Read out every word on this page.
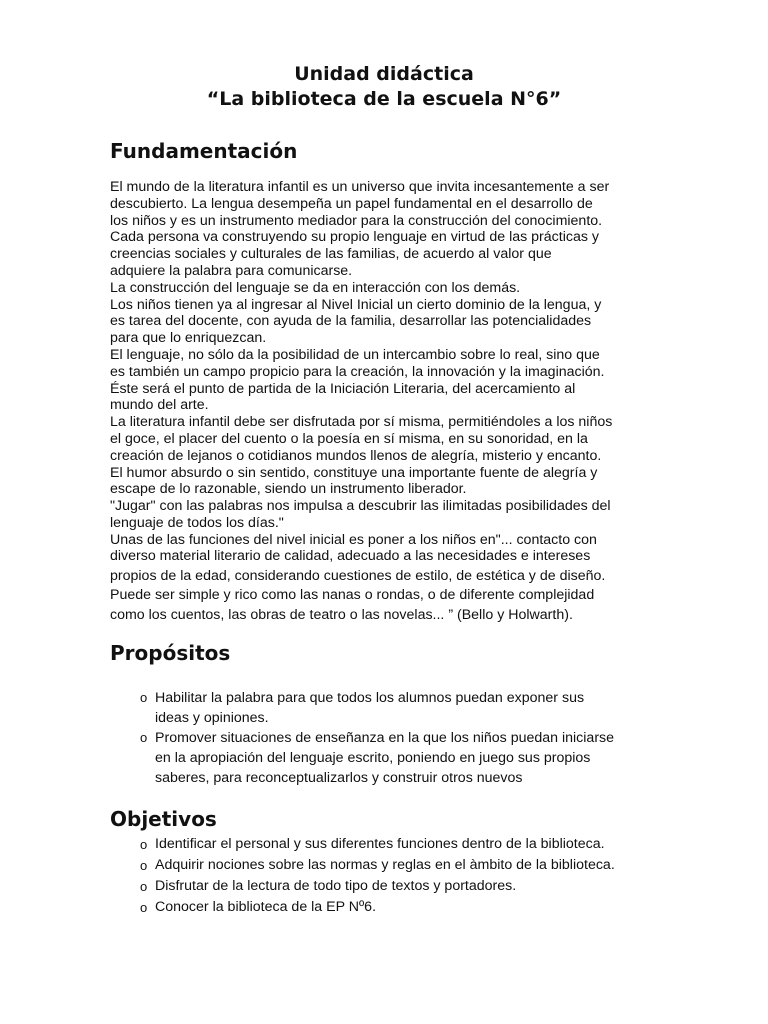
Unidad didáctica
“La biblioteca de la escuela N°6”
Fundamentación

El mundo de la literatura infantil es un universo que invita incesantemente a ser

descubierto. La lengua desempeña un papel fundamental en el desarrollo de

los niños y es un instrumento mediador para la construcción del conocimiento.

Cada persona va construyendo su propio lenguaje en virtud de las prácticas y

creencias sociales y culturales de las familias, de acuerdo al valor que

adquiere la palabra para comunicarse.

La construcción del lenguaje se da en interacción con los demás.

Los niños tienen ya al ingresar al Nivel Inicial un cierto dominio de la lengua, y

es tarea del docente, con ayuda de la familia, desarrollar las potencialidades

para que lo enriquezcan.

El lenguaje, no sólo da la posibilidad de un intercambio sobre lo real, sino que

es también un campo propicio para la creación, la innovación y la imaginación.

Éste será el punto de partida de la Iniciación Literaria, del acercamiento al

mundo del arte.

La literatura infantil debe ser disfrutada por sí misma, permitiéndoles a los niños

el goce, el placer del cuento o la poesía en sí misma, en su sonoridad, en la

creación de lejanos o cotidianos mundos llenos de alegría, misterio y encanto.

El humor absurdo o sin sentido, constituye una importante fuente de alegría y

escape de lo razonable, siendo un instrumento liberador.

"Jugar" con las palabras nos impulsa a descubrir las ilimitadas posibilidades del

lenguaje de todos los días."

Unas de las funciones del nivel inicial es poner a los niños en"... contacto con

diverso material literario de calidad, adecuado a las necesidades e intereses
propios de la edad, considerando cuestiones de estilo, de estética y de diseño.
Puede ser simple y rico como las nanas o rondas, o de diferente complejidad
como los cuentos, las obras de teatro o las novelas... ” (Bello y Holwarth).
Propósitos
o Habilitar la palabra para que todos los alumnos puedan exponer sus
ideas y opiniones.
o Promover situaciones de enseñanza en la que los niños puedan iniciarse
en la apropiación del lenguaje escrito, poniendo en juego sus propios
saberes, para reconceptualizarlos y construir otros nuevos
Objetivos
o Identificar el personal y sus diferentes funciones dentro de la biblioteca.
o Adquirir nociones sobre las normas y reglas en el àmbito de la biblioteca.
o Disfrutar de la lectura de todo tipo de textos y portadores.
o Conocer la biblioteca de la EP Nº6.
